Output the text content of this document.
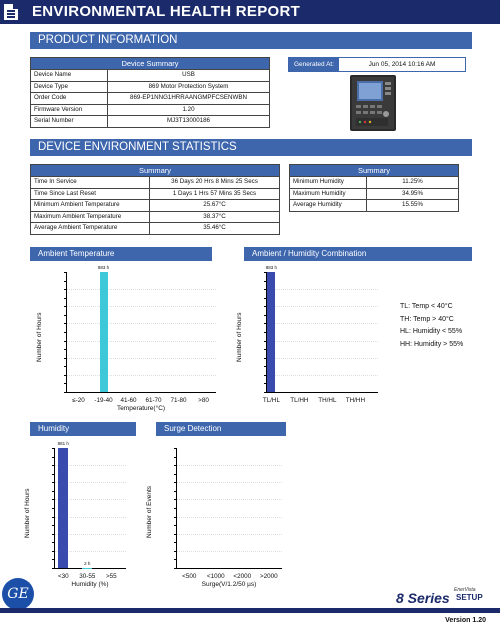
ENVIRONMENTAL HEALTH REPORT
PRODUCT INFORMATION
Device Summary	
Device Name	USB
Device Type	869 Motor Protection System
Order Code	869-EP1NNG1HRRAANGMPFCSENWBN
Firmware Version	1.20
Serial Number	MJ3T13000186
Generated At:	Jun 05, 2014 10:16 AM
DEVICE ENVIRONMENT STATISTICS
Summary	
Time In Service	36 Days 20 Hrs 8 Mins 25 Secs
Time Since Last Reset	1 Days 1 Hrs 57 Mins 35 Secs
Minimum Ambient Temperature	25.67°C
Maximum Ambient Temperature	38.37°C
Average Ambient Temperature	35.46°C
Summary	
Minimum Humidity	11.25%
Maximum Humidity	34.95%
Average Humidity	15.55%
Ambient Temperature	Ambient / Humidity Combination
Humidity	Surge Detection
≤-20
883 h
-19-40	41-60	61-70	71-80	>80
Temperature(°C)
Number of Hours
883 h
TL/HL	TL/HH	TH/HL	TH/HH
Number of Hours
881 h
<30
2 h
30-55	>55
Humidity (%)
Number of Hours
<500	<1000	<2000	>2000
Surge(V/1.2/50 µs)
Number of Events
TL: Temp < 40°C
TH: Temp > 40°C
HL: Humidity < 55%
HH: Humidity > 55%
GE	8 Series EnerVista
SETUP
Version 1.20
